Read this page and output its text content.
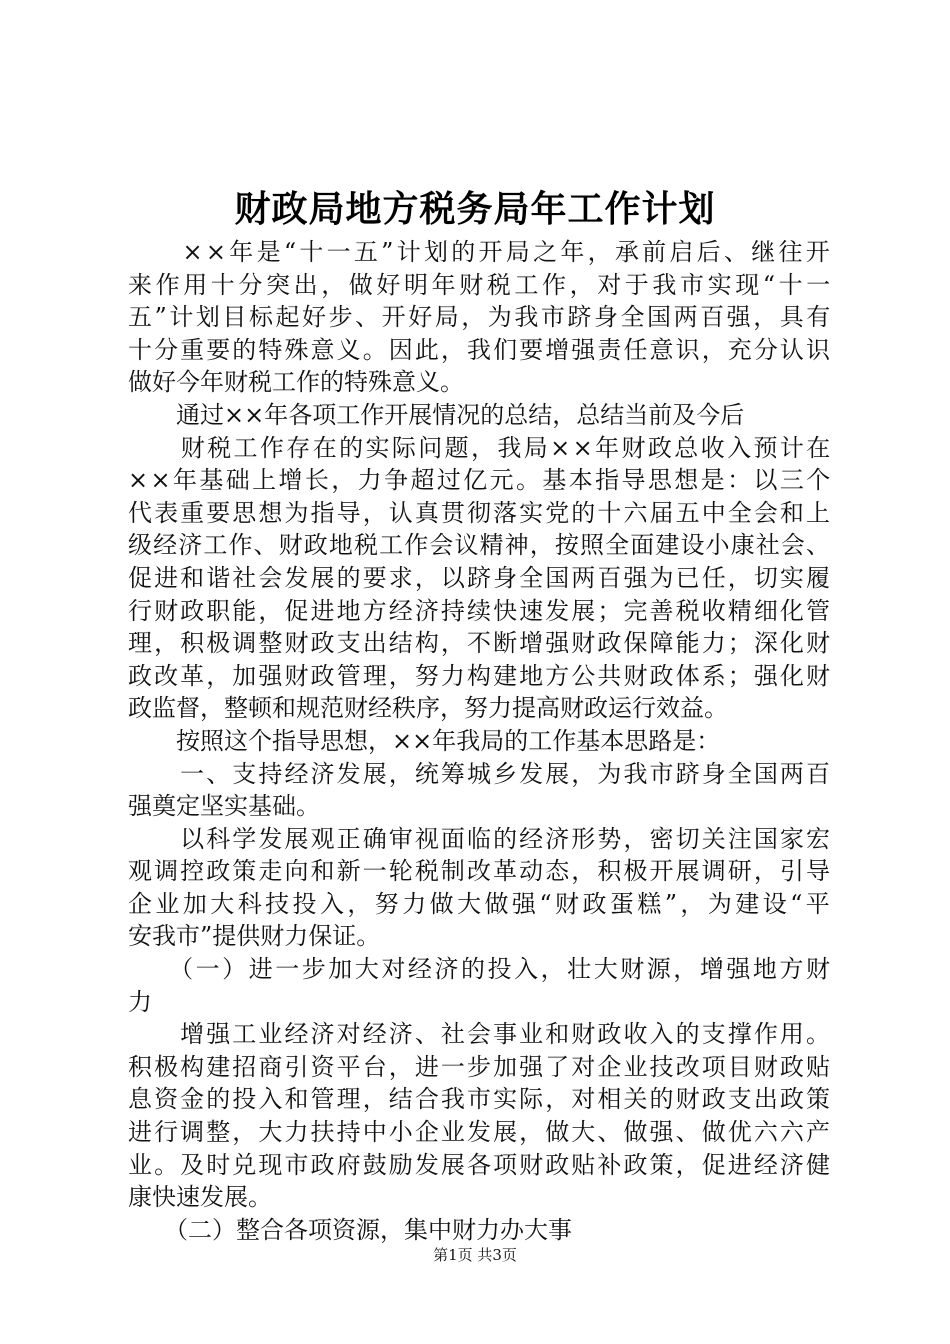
财政局地方税务局年工作计划
　　××年是“十一五”计划的开局之年，承前启后、继往开
来作用十分突出，做好明年财税工作，对于我市实现“十一
五”计划目标起好步、开好局，为我市跻身全国两百强，具有
十分重要的特殊意义。因此，我们要增强责任意识，充分认识
做好今年财税工作的特殊意义。
　　通过××年各项工作开展情况的总结，总结当前及今后
　　财税工作存在的实际问题，我局××年财政总收入预计在
××年基础上增长，力争超过亿元。基本指导思想是：以三个
代表重要思想为指导，认真贯彻落实党的十六届五中全会和上
级经济工作、财政地税工作会议精神，按照全面建设小康社会、
促进和谐社会发展的要求，以跻身全国两百强为已任，切实履
行财政职能，促进地方经济持续快速发展；完善税收精细化管
理，积极调整财政支出结构，不断增强财政保障能力；深化财
政改革，加强财政管理，努力构建地方公共财政体系；强化财
政监督，整顿和规范财经秩序，努力提高财政运行效益。
　　按照这个指导思想，××年我局的工作基本思路是：
　　一、支持经济发展，统筹城乡发展，为我市跻身全国两百
强奠定坚实基础。
　　以科学发展观正确审视面临的经济形势，密切关注国家宏
观调控政策走向和新一轮税制改革动态，积极开展调研，引导
企业加大科技投入，努力做大做强“财政蛋糕”，为建设“平
安我市”提供财力保证。
　　（一）进一步加大对经济的投入，壮大财源，增强地方财
力
　　增强工业经济对经济、社会事业和财政收入的支撑作用。
积极构建招商引资平台，进一步加强了对企业技改项目财政贴
息资金的投入和管理，结合我市实际，对相关的财政支出政策
进行调整，大力扶持中小企业发展，做大、做强、做优六六产
业。及时兑现市政府鼓励发展各项财政贴补政策，促进经济健
康快速发展。
　　（二）整合各项资源，集中财力办大事
第1页 共3页
